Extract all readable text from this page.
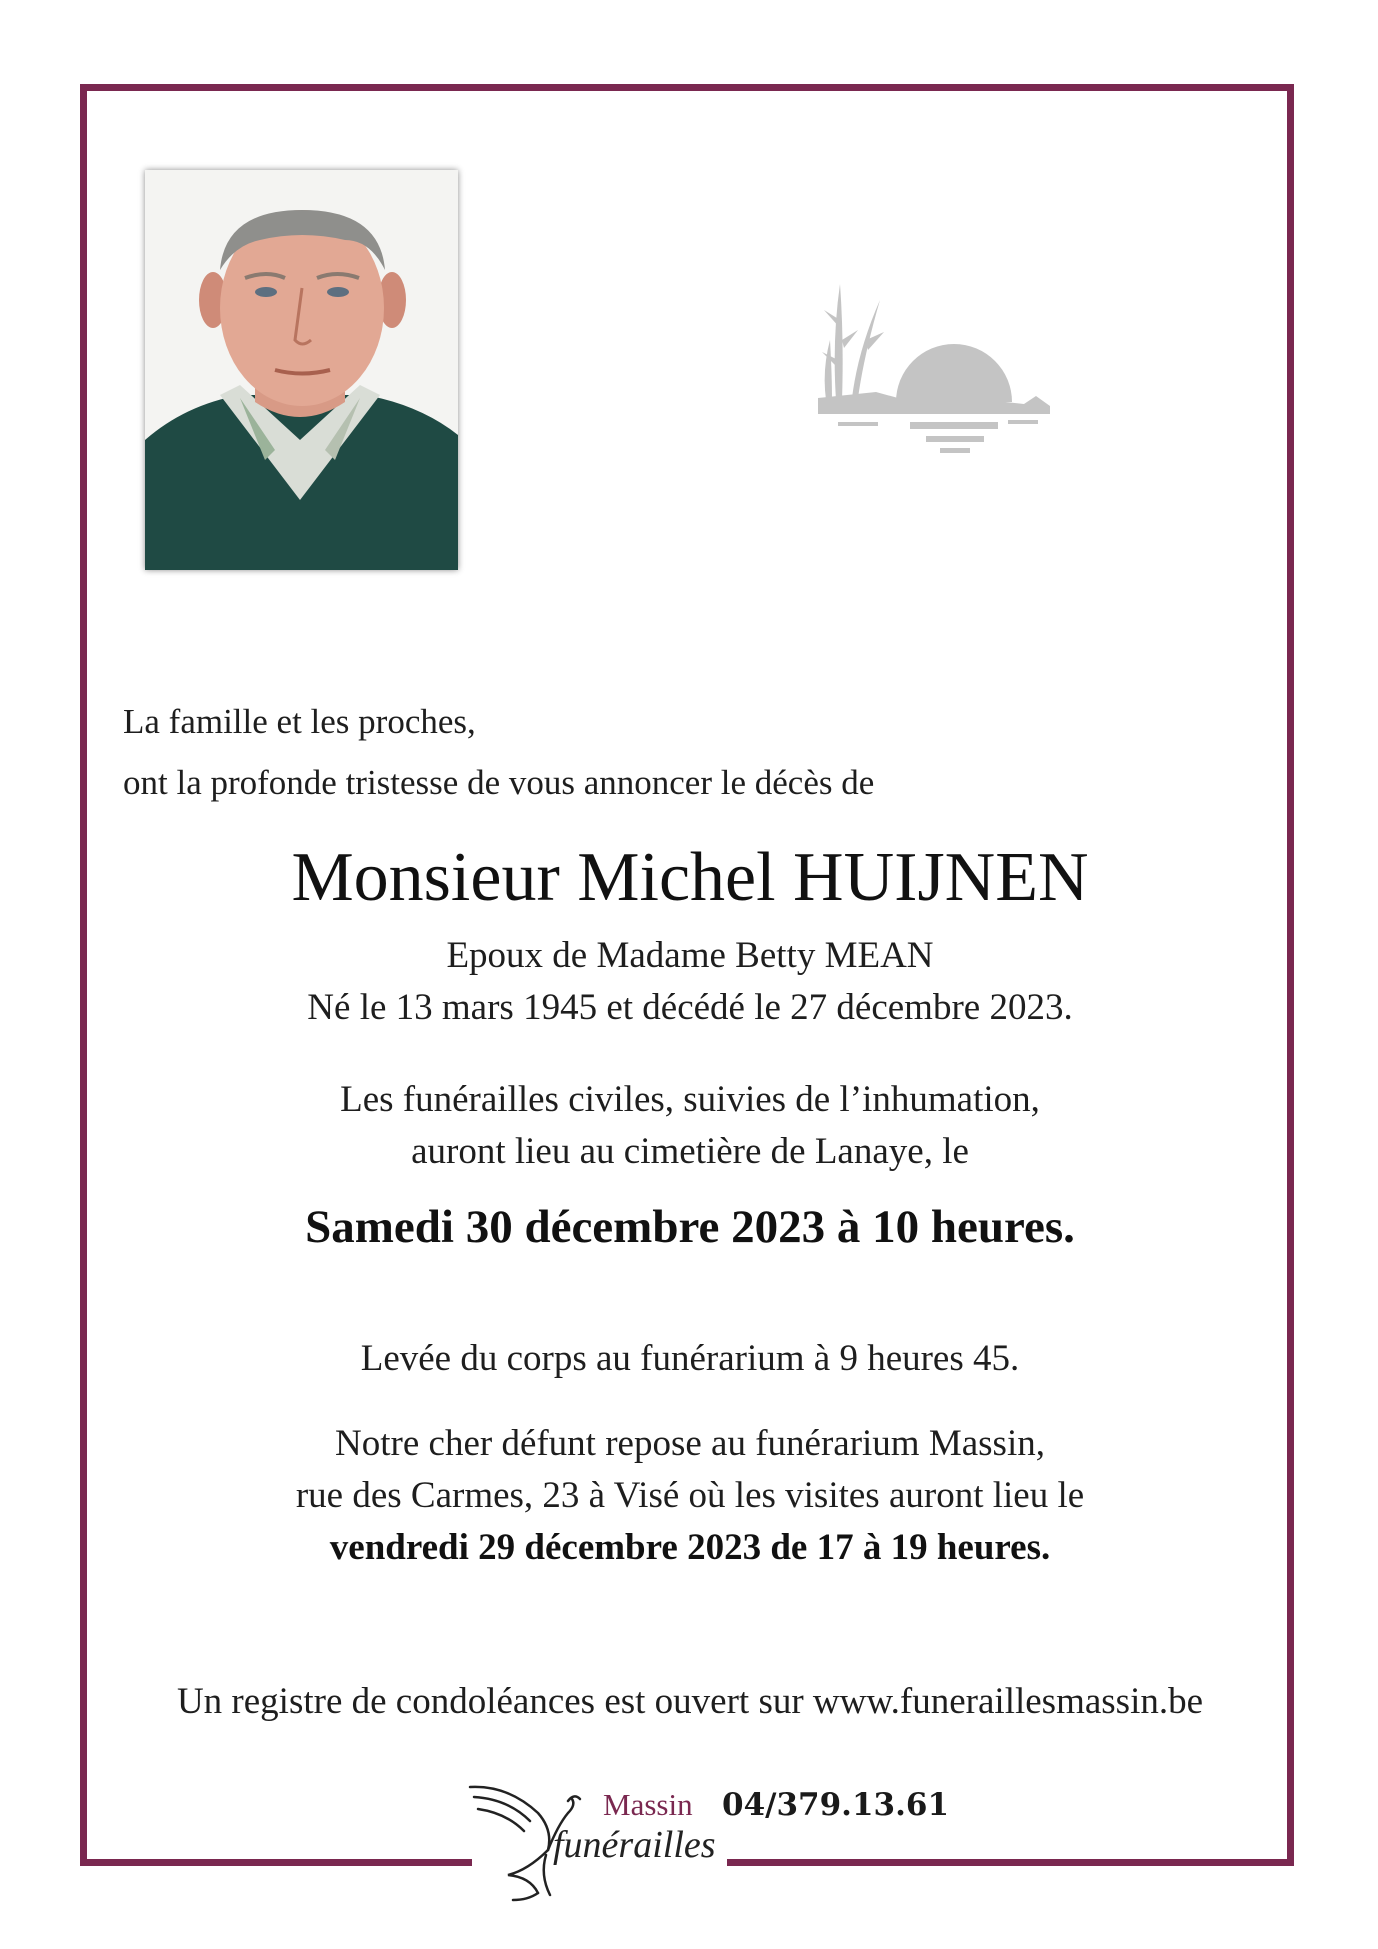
La famille et les proches,
ont la profonde tristesse de vous annoncer le décès de
Monsieur Michel HUIJNEN
Epoux de Madame Betty MEAN
Né le 13 mars 1945 et décédé le 27 décembre 2023.
Les funérailles civiles, suivies de l’inhumation,
auront lieu au cimetière de Lanaye, le
Samedi 30 décembre 2023 à 10 heures.
Levée du corps au funérarium à 9 heures 45.
Notre cher défunt repose au funérarium Massin,
rue des Carmes, 23 à Visé où les visites auront lieu le
vendredi 29 décembre 2023 de 17 à 19 heures.
Un registre de condoléances est ouvert sur www.funeraillesmassin.be
Massin
funérailles
04/379.13.61
